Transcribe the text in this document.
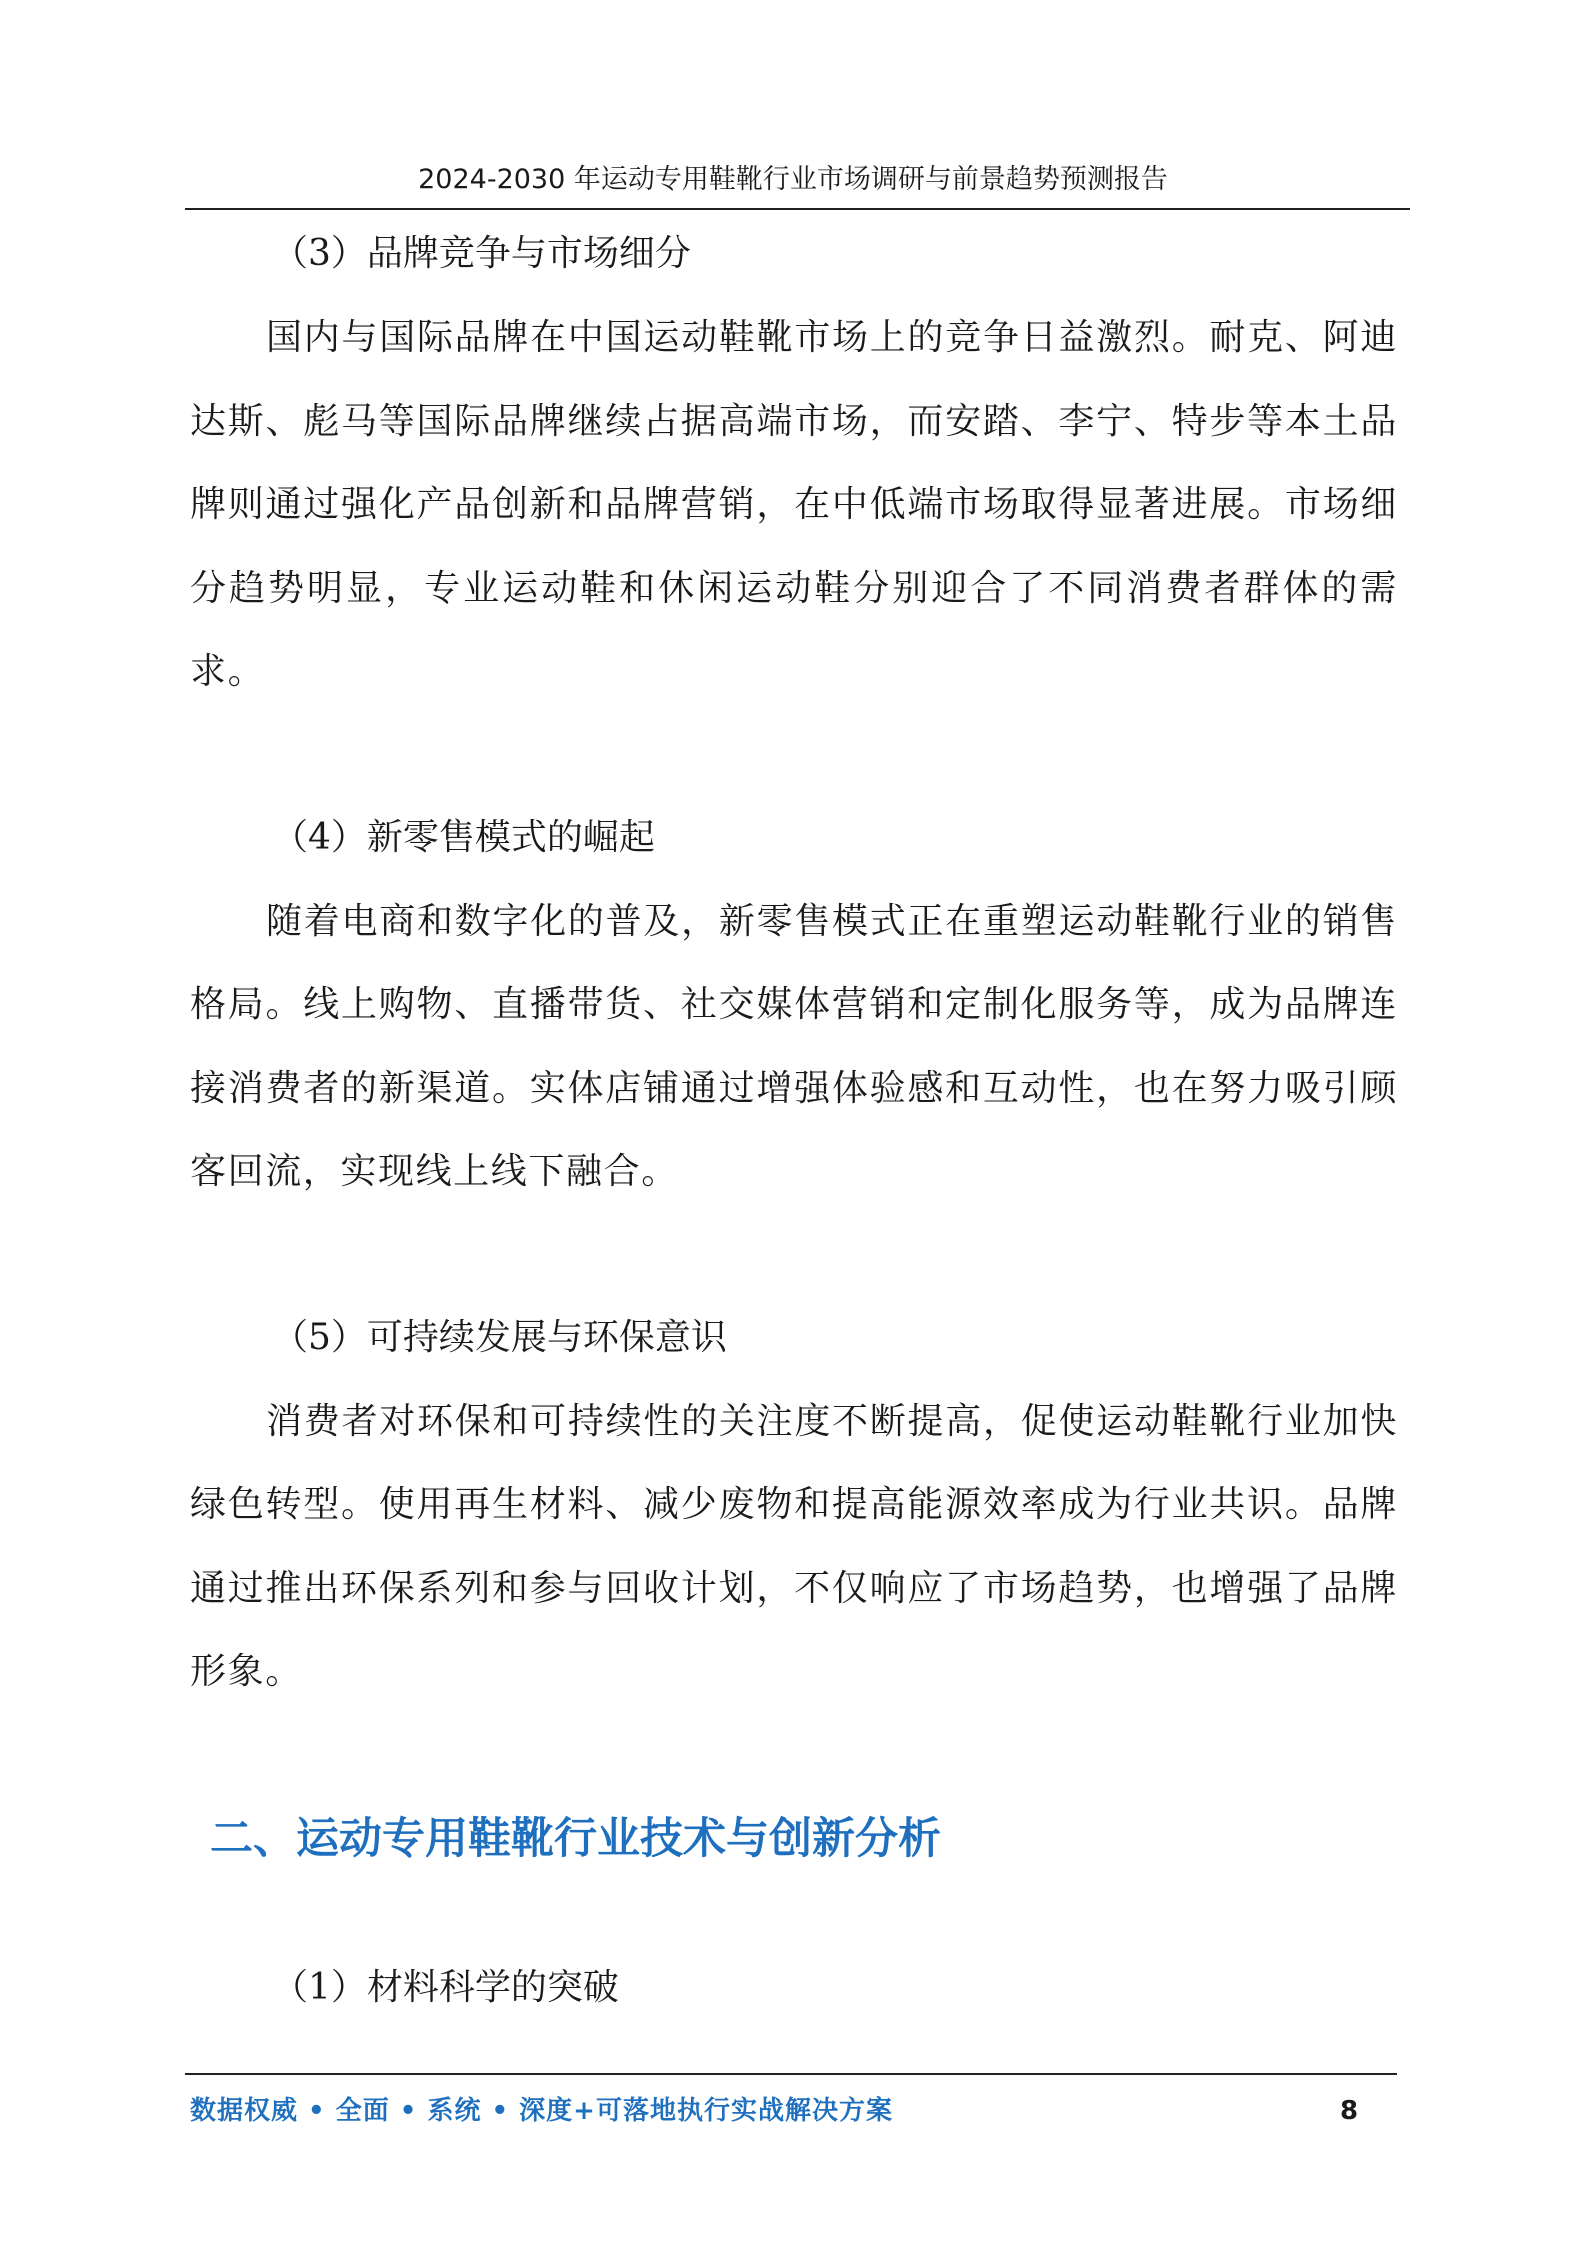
2024-2030 年运动专用鞋靴行业市场调研与前景趋势预测报告

（3）品牌竞争与市场细分

国内与国际品牌在中国运动鞋靴市场上的竞争日益激烈。耐克、阿迪达斯、彪马等国际品牌继续占据高端市场，而安踏、李宁、特步等本土品牌则通过强化产品创新和品牌营销，在中低端市场取得显著进展。市场细分趋势明显，专业运动鞋和休闲运动鞋分别迎合了不同消费者群体的需求。

（4）新零售模式的崛起

随着电商和数字化的普及，新零售模式正在重塑运动鞋靴行业的销售格局。线上购物、直播带货、社交媒体营销和定制化服务等，成为品牌连接消费者的新渠道。实体店铺通过增强体验感和互动性，也在努力吸引顾客回流，实现线上线下融合。

（5）可持续发展与环保意识

消费者对环保和可持续性的关注度不断提高，促使运动鞋靴行业加快绿色转型。使用再生材料、减少废物和提高能源效率成为行业共识。品牌通过推出环保系列和参与回收计划，不仅响应了市场趋势，也增强了品牌形象。

二、运动专用鞋靴行业技术与创新分析

（1）材料科学的突破

数据权威 • 全面 • 系统 • 深度+可落地执行实战解决方案	8
